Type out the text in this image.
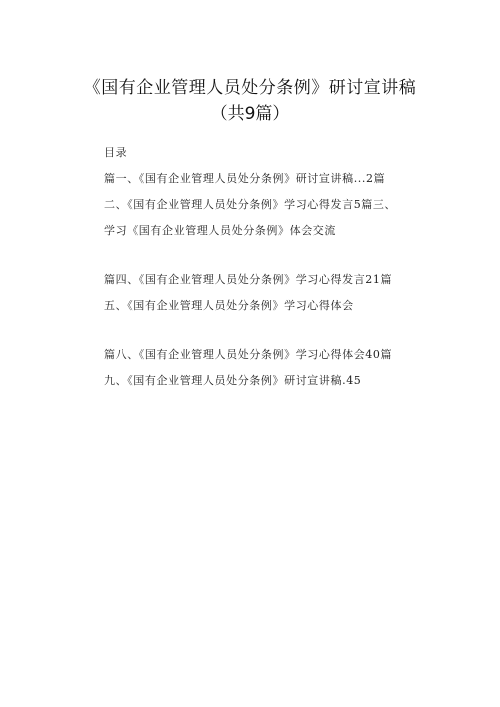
《国有企业管理人员处分条例》研讨宣讲稿
（共9篇）
目录
篇一、《国有企业管理人员处分条例》研讨宣讲稿...2篇
二、《国有企业管理人员处分条例》学习心得发言5篇三、
学习《国有企业管理人员处分条例》体会交流
篇四、《国有企业管理人员处分条例》学习心得发言21篇
五、《国有企业管理人员处分条例》学习心得体会
篇八、《国有企业管理人员处分条例》学习心得体会40篇
九、《国有企业管理人员处分条例》研讨宣讲稿.45
